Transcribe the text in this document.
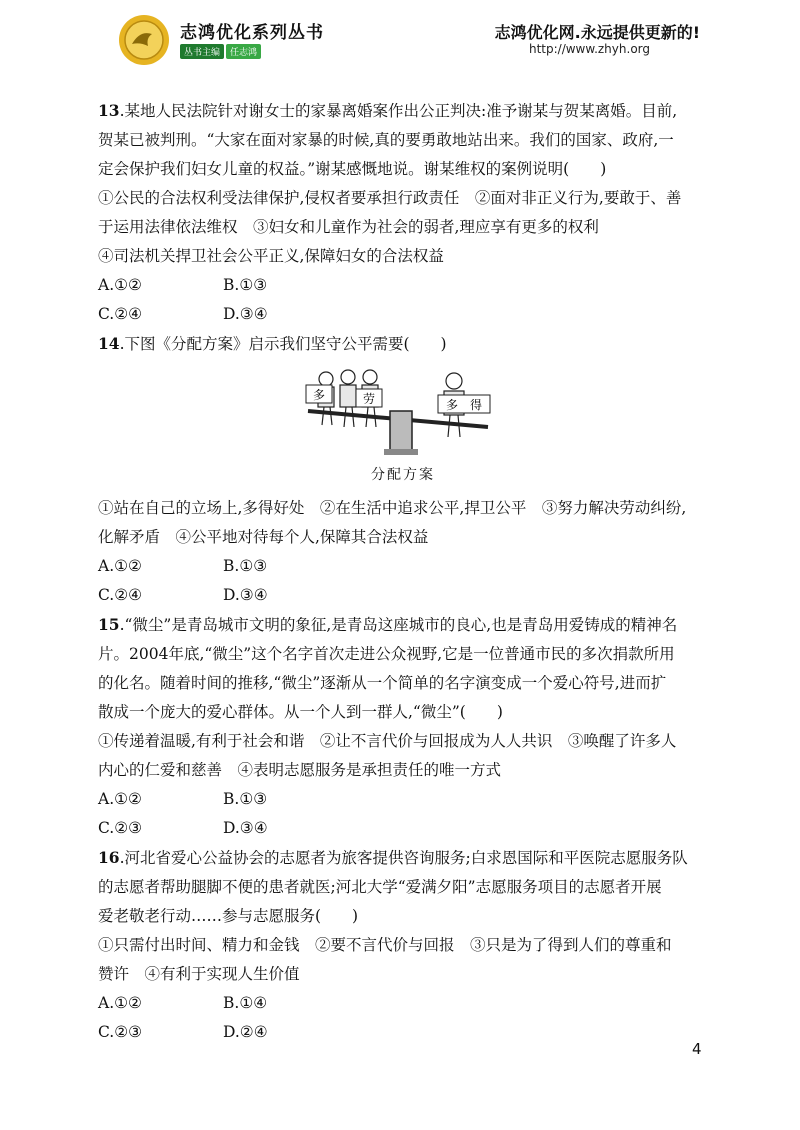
志鸿优化系列丛书
丛书主编	任志鸿
志鸿优化网.永远提供更新的!
http://www.zhyh.org
13.某地人民法院针对谢女士的家暴离婚案作出公正判决:准予谢某与贺某离婚。目前,
贺某已被判刑。“大家在面对家暴的时候,真的要勇敢地站出来。我们的国家、政府,一
定会保护我们妇女儿童的权益。”谢某感慨地说。谢某维权的案例说明(　　)
①公民的合法权利受法律保护,侵权者要承担行政责任　②面对非正义行为,要敢于、善
于运用法律依法维权　③妇女和儿童作为社会的弱者,理应享有更多的权利
④司法机关捍卫社会公平正义,保障妇女的合法权益
A.①②	B.①③
C.②④	D.③④
14.下图《分配方案》启示我们坚守公平需要(　　)
多	劳	多 得
分配方案
①站在自己的立场上,多得好处　②在生活中追求公平,捍卫公平　③努力解决劳动纠纷,
化解矛盾　④公平地对待每个人,保障其合法权益
A.①②	B.①③
C.②④	D.③④
15.“微尘”是青岛城市文明的象征,是青岛这座城市的良心,也是青岛用爱铸成的精神名
片。2004年底,“微尘”这个名字首次走进公众视野,它是一位普通市民的多次捐款所用
的化名。随着时间的推移,“微尘”逐渐从一个简单的名字演变成一个爱心符号,进而扩
散成一个庞大的爱心群体。从一个人到一群人,“微尘”(　　)
①传递着温暖,有利于社会和谐　②让不言代价与回报成为人人共识　③唤醒了许多人
内心的仁爱和慈善　④表明志愿服务是承担责任的唯一方式
A.①②	B.①③
C.②③	D.③④
16.河北省爱心公益协会的志愿者为旅客提供咨询服务;白求恩国际和平医院志愿服务队
的志愿者帮助腿脚不便的患者就医;河北大学“爱满夕阳”志愿服务项目的志愿者开展
爱老敬老行动……参与志愿服务(　　)
①只需付出时间、精力和金钱　②要不言代价与回报　③只是为了得到人们的尊重和
赞许　④有利于实现人生价值
A.①②	B.①④
C.②③	D.②④
4
